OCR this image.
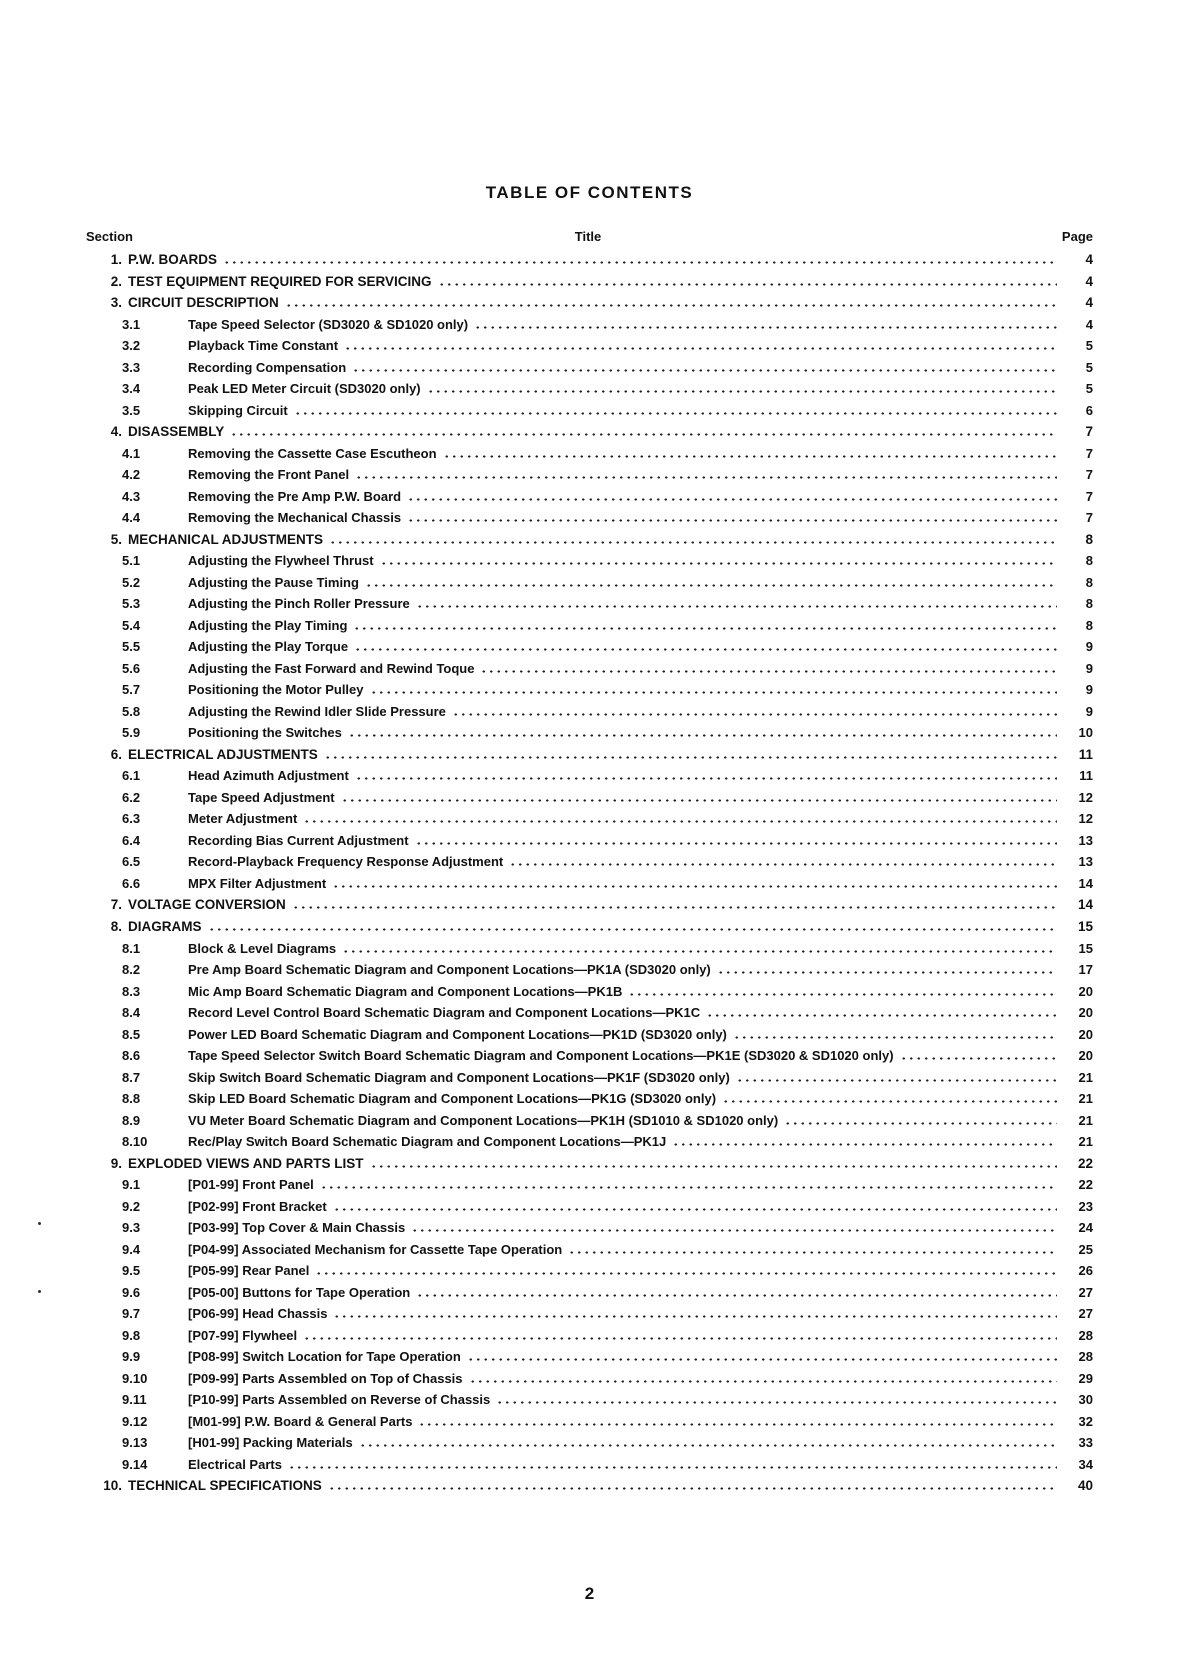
TABLE OF CONTENTS
Section	Title	Page
1. P.W. BOARDS	4
2. TEST EQUIPMENT REQUIRED FOR SERVICING	4
3. CIRCUIT DESCRIPTION	4
3.1	Tape Speed Selector (SD3020 & SD1020 only)	4
3.2	Playback Time Constant	5
3.3	Recording Compensation	5
3.4	Peak LED Meter Circuit (SD3020 only)	5
3.5	Skipping Circuit	6
4. DISASSEMBLY	7
4.1	Removing the Cassette Case Escutheon	7
4.2	Removing the Front Panel	7
4.3	Removing the Pre Amp P.W. Board	7
4.4	Removing the Mechanical Chassis	7
5. MECHANICAL ADJUSTMENTS	8
5.1	Adjusting the Flywheel Thrust	8
5.2	Adjusting the Pause Timing	8
5.3	Adjusting the Pinch Roller Pressure	8
5.4	Adjusting the Play Timing	8
5.5	Adjusting the Play Torque	9
5.6	Adjusting the Fast Forward and Rewind Toque	9
5.7	Positioning the Motor Pulley	9
5.8	Adjusting the Rewind Idler Slide Pressure	9
5.9	Positioning the Switches	10
6. ELECTRICAL ADJUSTMENTS	11
6.1	Head Azimuth Adjustment	11
6.2	Tape Speed Adjustment	12
6.3	Meter Adjustment	12
6.4	Recording Bias Current Adjustment	13
6.5	Record-Playback Frequency Response Adjustment	13
6.6	MPX Filter Adjustment	14
7. VOLTAGE CONVERSION	14
8. DIAGRAMS	15
8.1	Block & Level Diagrams	15
8.2	Pre Amp Board Schematic Diagram and Component Locations—PK1A (SD3020 only)	17
8.3	Mic Amp Board Schematic Diagram and Component Locations—PK1B	20
8.4	Record Level Control Board Schematic Diagram and Component Locations—PK1C	20
8.5	Power LED Board Schematic Diagram and Component Locations—PK1D (SD3020 only)	20
8.6	Tape Speed Selector Switch Board Schematic Diagram and Component Locations—PK1E (SD3020 & SD1020 only)	20
8.7	Skip Switch Board Schematic Diagram and Component Locations—PK1F (SD3020 only)	21
8.8	Skip LED Board Schematic Diagram and Component Locations—PK1G (SD3020 only)	21
8.9	VU Meter Board Schematic Diagram and Component Locations—PK1H (SD1010 & SD1020 only)	21
8.10	Rec/Play Switch Board Schematic Diagram and Component Locations—PK1J	21
9. EXPLODED VIEWS AND PARTS LIST	22
9.1	[P01-99] Front Panel	22
9.2	[P02-99] Front Bracket	23
9.3	[P03-99] Top Cover & Main Chassis	24
9.4	[P04-99] Associated Mechanism for Cassette Tape Operation	25
9.5	[P05-99] Rear Panel	26
9.6	[P05-00] Buttons for Tape Operation	27
9.7	[P06-99] Head Chassis	27
9.8	[P07-99] Flywheel	28
9.9	[P08-99] Switch Location for Tape Operation	28
9.10	[P09-99] Parts Assembled on Top of Chassis	29
9.11	[P10-99] Parts Assembled on Reverse of Chassis	30
9.12	[M01-99] P.W. Board & General Parts	32
9.13	[H01-99] Packing Materials	33
9.14	Electrical Parts	34
10. TECHNICAL SPECIFICATIONS	40
2
